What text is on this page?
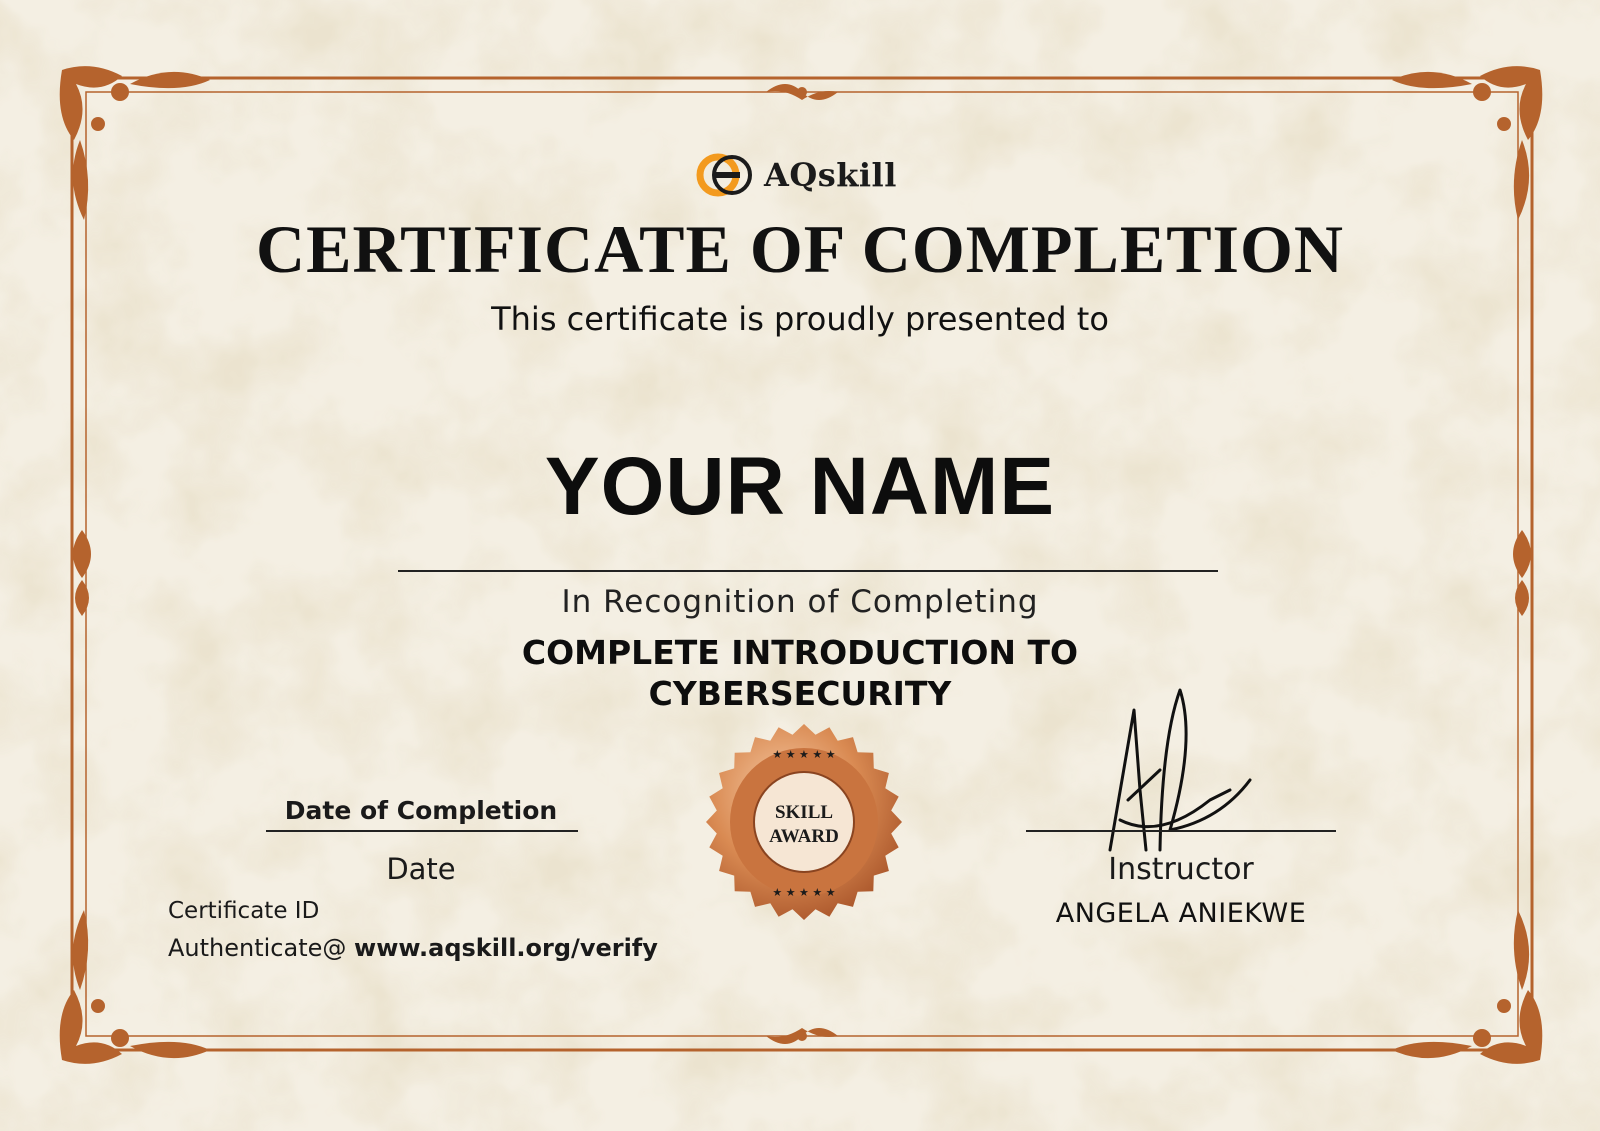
AQskill
CERTIFICATE OF COMPLETION
This certificate is proudly presented to
YOUR NAME
In Recognition of Completing
COMPLETE INTRODUCTION TO
CYBERSECURITY
Date of Completion
Date
Certificate ID
Authenticate@ www.aqskill.org/verify
★ ★ ★ ★ ★
★ ★ ★ ★ ★
SKILL
AWARD
Instructor
ANGELA ANIEKWE
